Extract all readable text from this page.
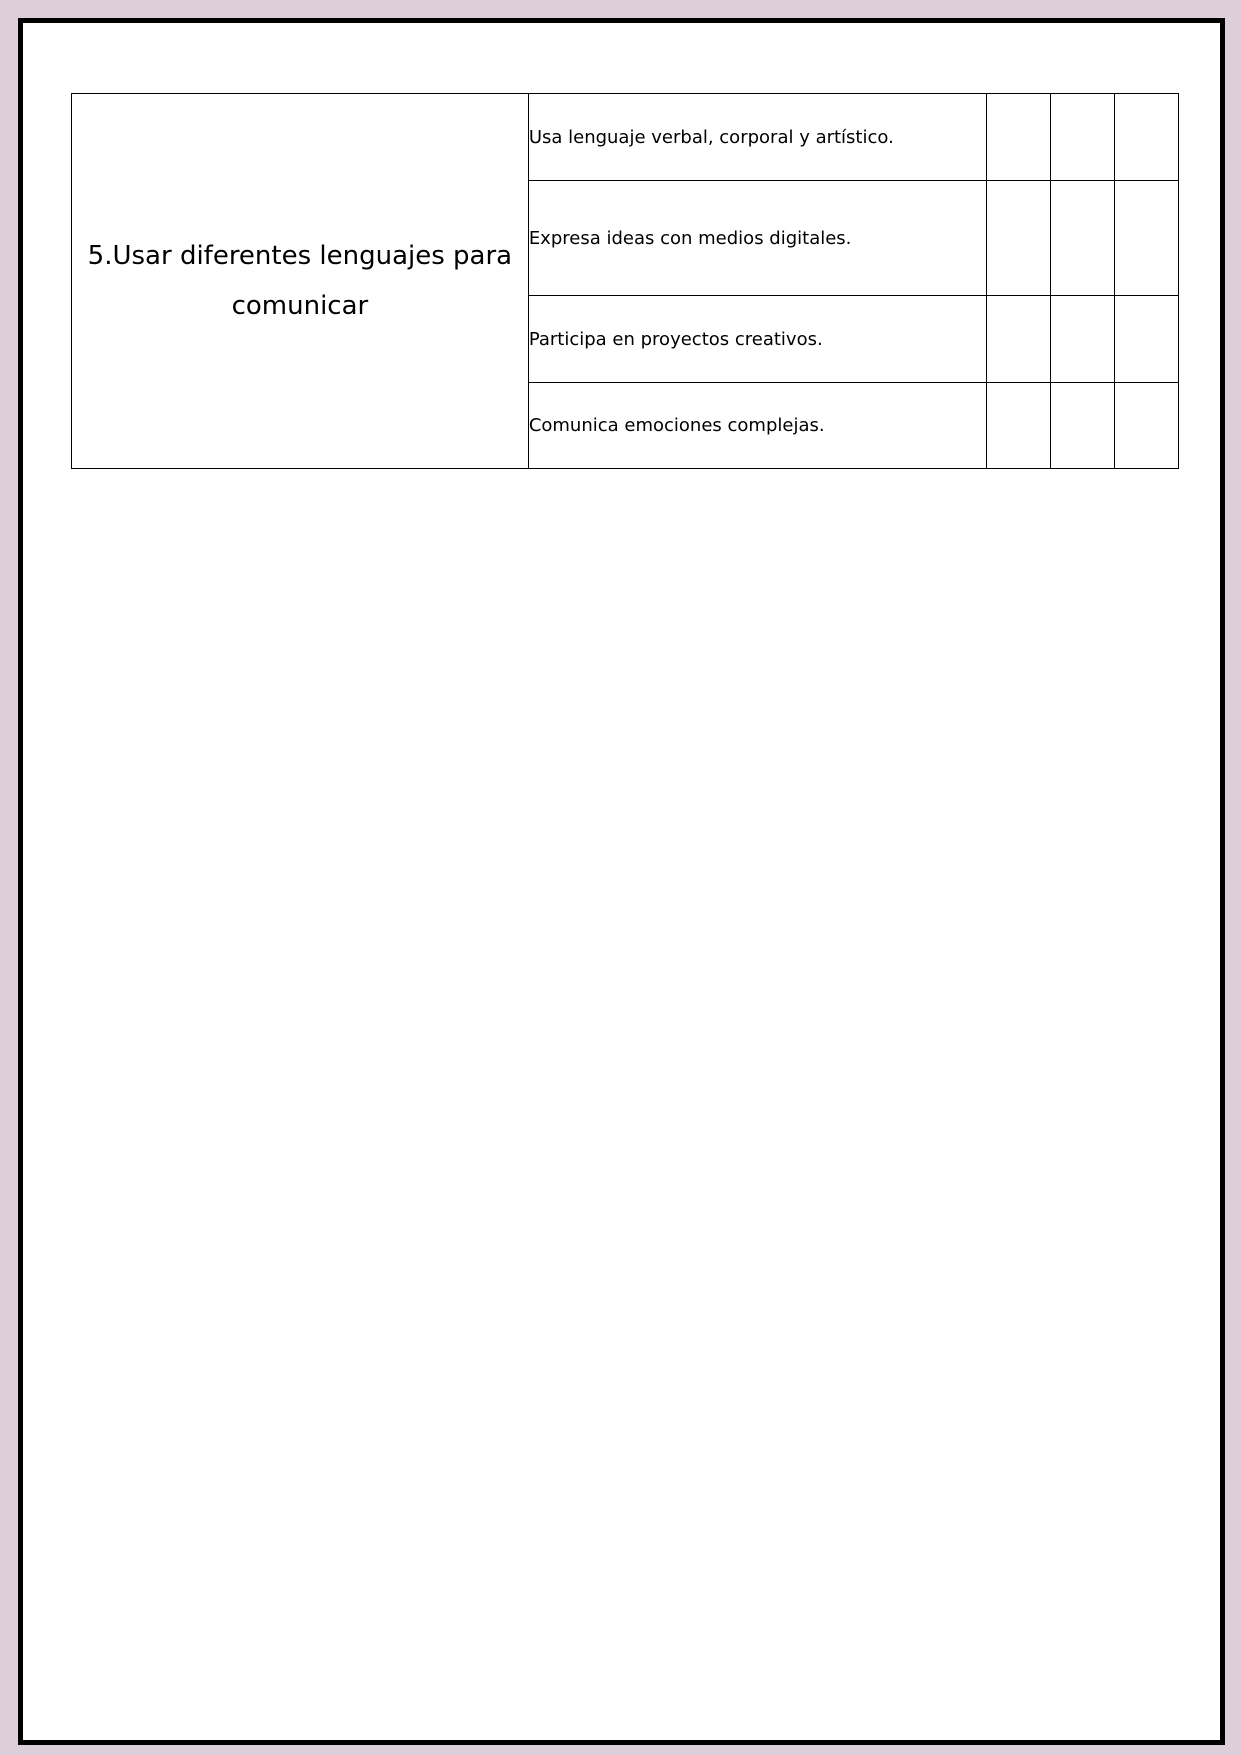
5.Usar diferentes lenguajes para comunicar	Usa lenguaje verbal, corporal y artístico.			
	Expresa ideas con medios digitales.			
	Participa en proyectos creativos.			
	Comunica emociones complejas.			
